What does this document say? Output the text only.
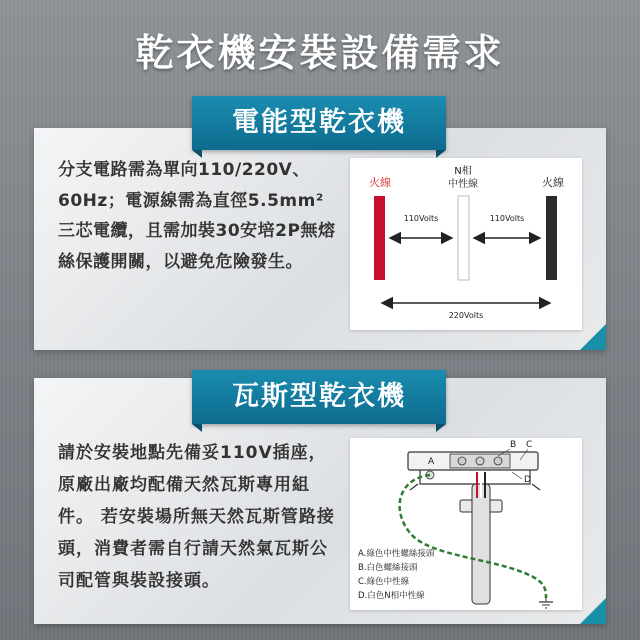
乾衣機安裝設備需求
電能型乾衣機
分支電路需為單向110/220V、60Hz；電源線需為直徑5.5mm²三芯電纜，且需加裝30安培2P無熔絲保護開關，以避免危險發生。
火線
N相
中性線	火線
110Volts	110Volts
220Volts
瓦斯型乾衣機
請於安裝地點先備妥110V插座，原廠出廠均配備天然瓦斯專用組件。 若安裝場所無天然瓦斯管路接頭，消費者需自行請天然氣瓦斯公司配管與裝設接頭。
A
B C
D
A.綠色中性螺絲接頭
B.白色螺絲接頭
C.綠色中性線
D.白色N相中性線
